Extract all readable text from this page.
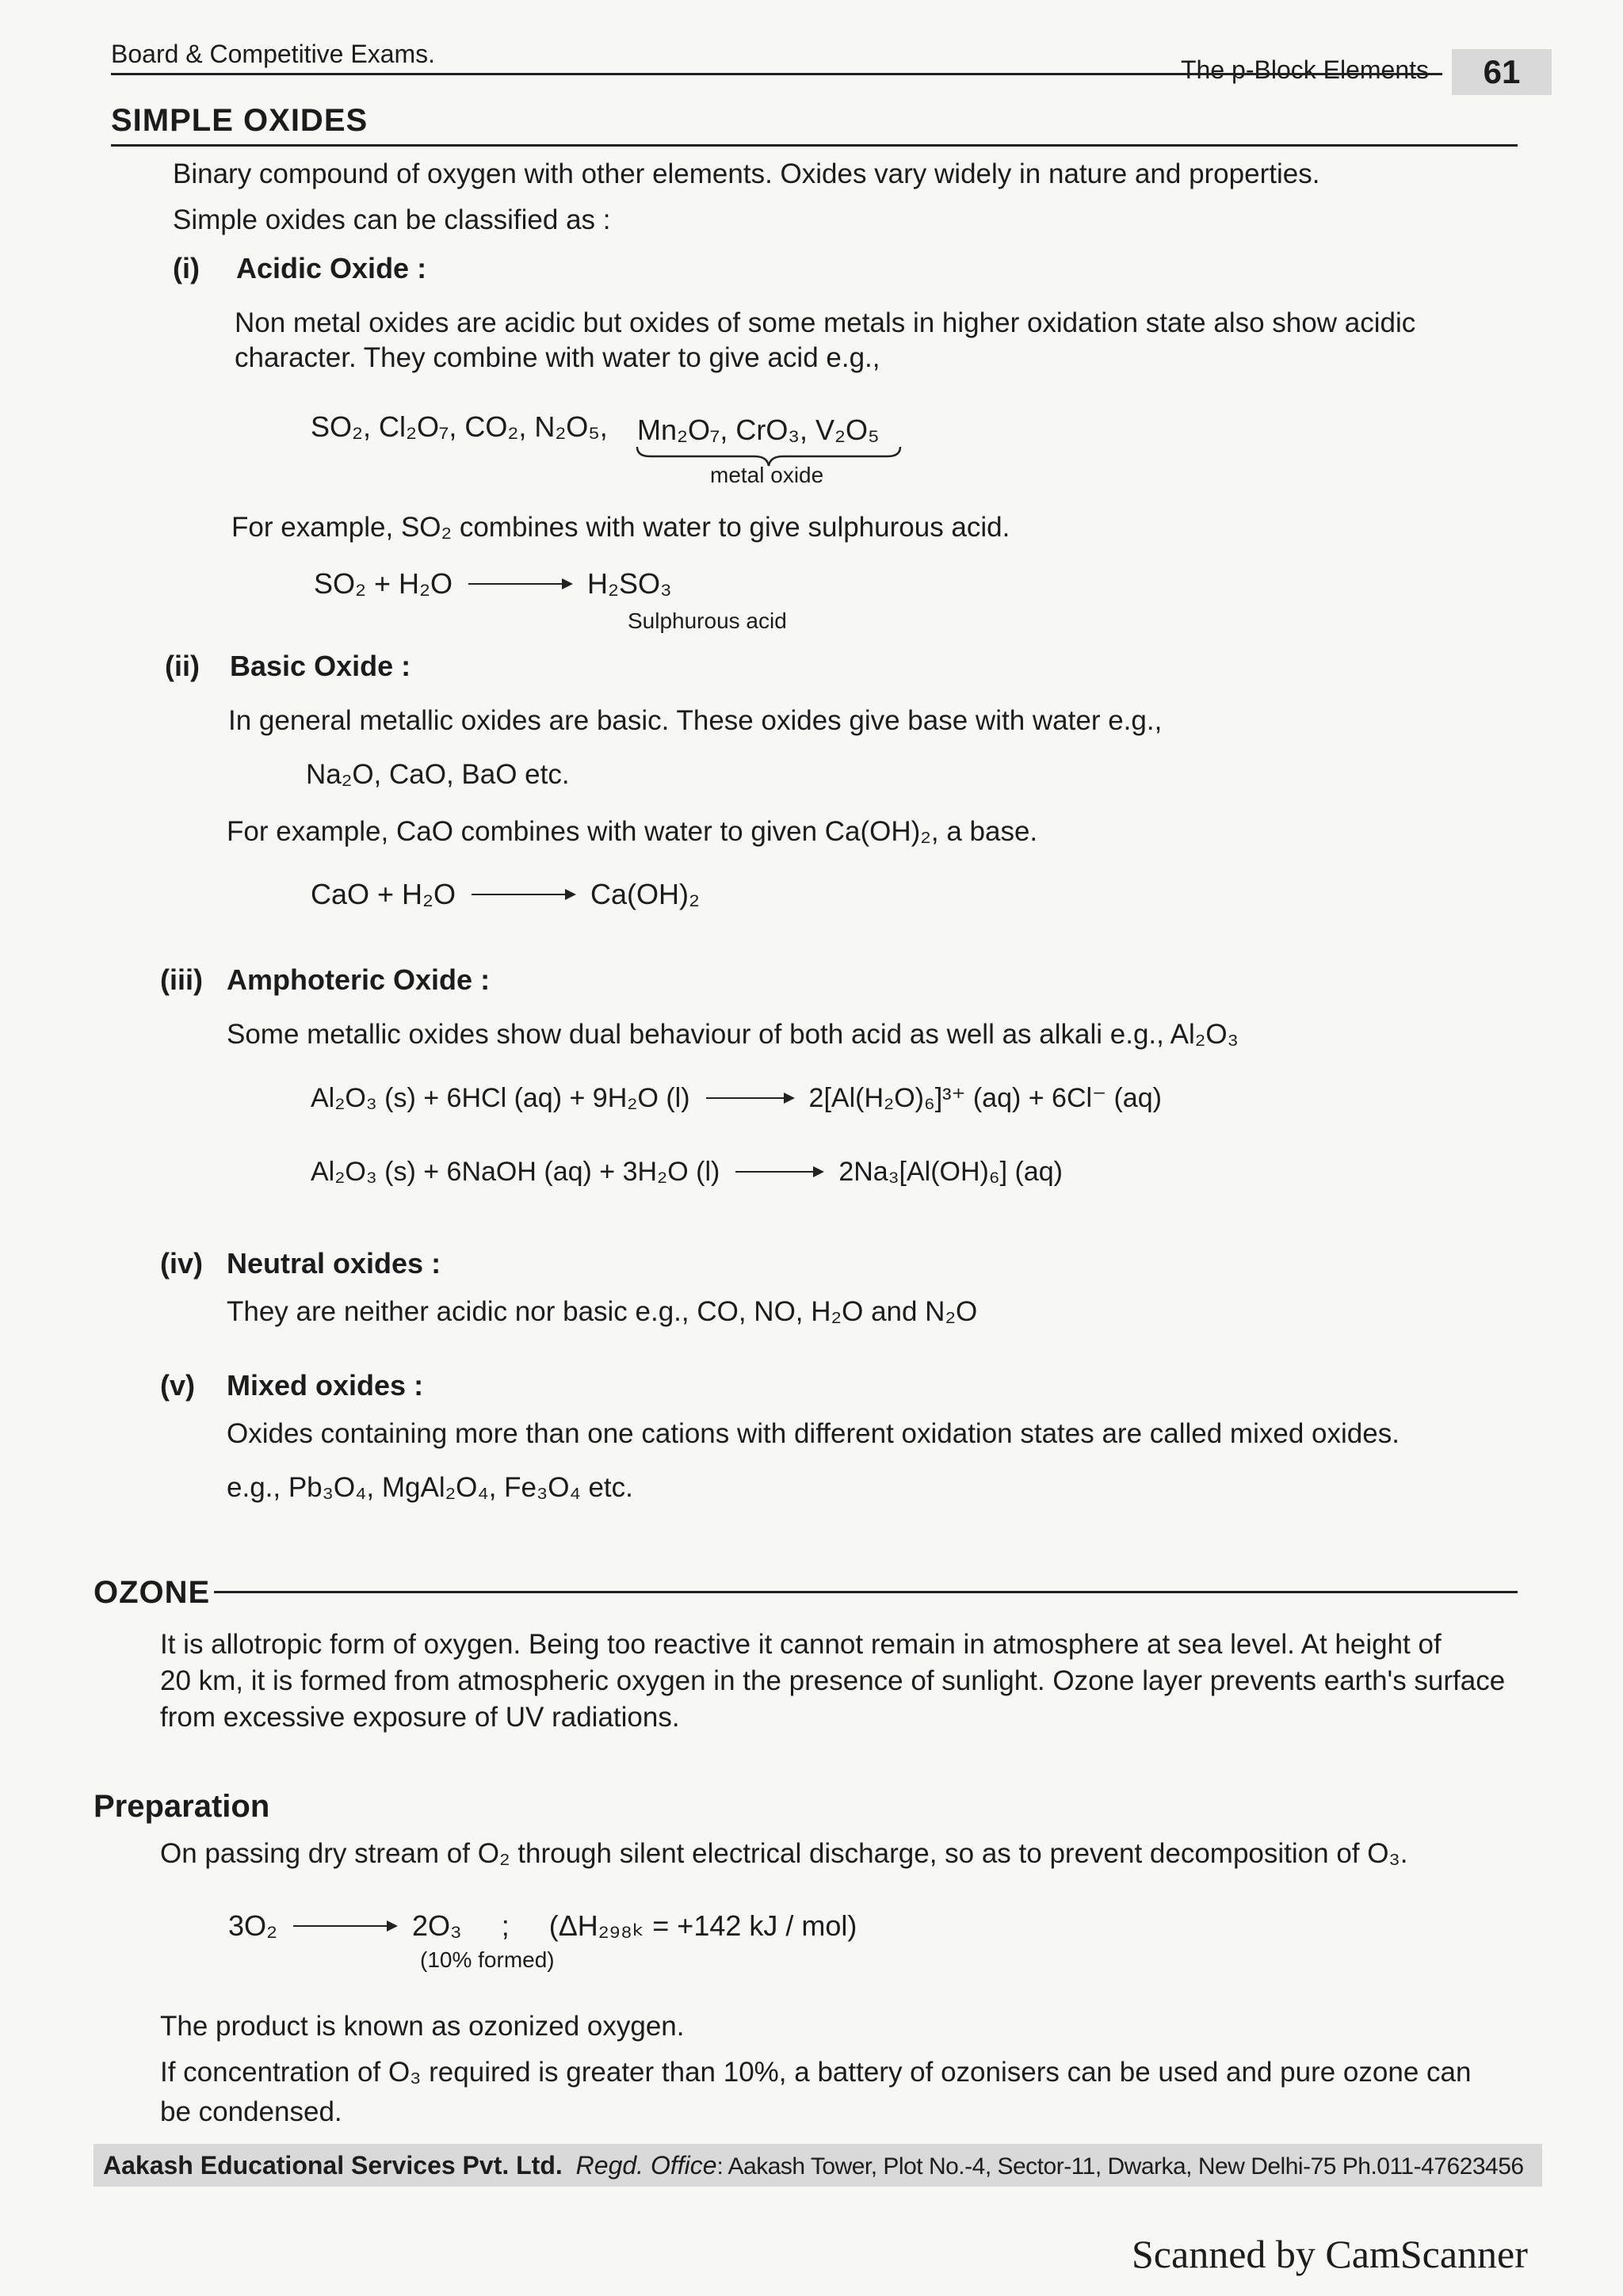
Board & Competitive Exams.
The p-Block Elements	61
SIMPLE OXIDES
Binary compound of oxygen with other elements. Oxides vary widely in nature and properties.
Simple oxides can be classified as :
(i) Acidic Oxide :
Non metal oxides are acidic but oxides of some metals in higher oxidation state also show acidic
character. They combine with water to give acid e.g.,
SO₂, Cl₂O₇, CO₂, N₂O₅, Mn₂O₇, CrO₃, V₂O₅
metal oxide
For example, SO₂ combines with water to give sulphurous acid.
SO₂ + H₂O → H₂SO₃
Sulphurous acid
(ii) Basic Oxide :
In general metallic oxides are basic. These oxides give base with water e.g.,
Na₂O, CaO, BaO etc.
For example, CaO combines with water to given Ca(OH)₂, a base.
CaO + H₂O → Ca(OH)₂
(iii) Amphoteric Oxide :
Some metallic oxides show dual behaviour of both acid as well as alkali e.g., Al₂O₃
Al₂O₃ (s) + 6HCl (aq) + 9H₂O (l) → 2[Al(H₂O)₆]³⁺ (aq) + 6Cl⁻ (aq)
Al₂O₃ (s) + 6NaOH (aq) + 3H₂O (l) → 2Na₃[Al(OH)₆] (aq)
(iv) Neutral oxides :
They are neither acidic nor basic e.g., CO, NO, H₂O and N₂O
(v) Mixed oxides :
Oxides containing more than one cations with different oxidation states are called mixed oxides.
e.g., Pb₃O₄, MgAl₂O₄, Fe₃O₄ etc.
OZONE
It is allotropic form of oxygen. Being too reactive it cannot remain in atmosphere at sea level. At height of
20 km, it is formed from atmospheric oxygen in the presence of sunlight. Ozone layer prevents earth's surface
from excessive exposure of UV radiations.
Preparation
On passing dry stream of O₂ through silent electrical discharge, so as to prevent decomposition of O₃.
3O₂ → 2O₃ ; (ΔH₂₉₈ₖ = +142 kJ / mol)
(10% formed)
The product is known as ozonized oxygen.
If concentration of O₃ required is greater than 10%, a battery of ozonisers can be used and pure ozone can
be condensed.
Aakash Educational Services Pvt. Ltd. Regd. Office: Aakash Tower, Plot No.-4, Sector-11, Dwarka, New Delhi-75 Ph.011-47623456
Scanned by CamScanner
